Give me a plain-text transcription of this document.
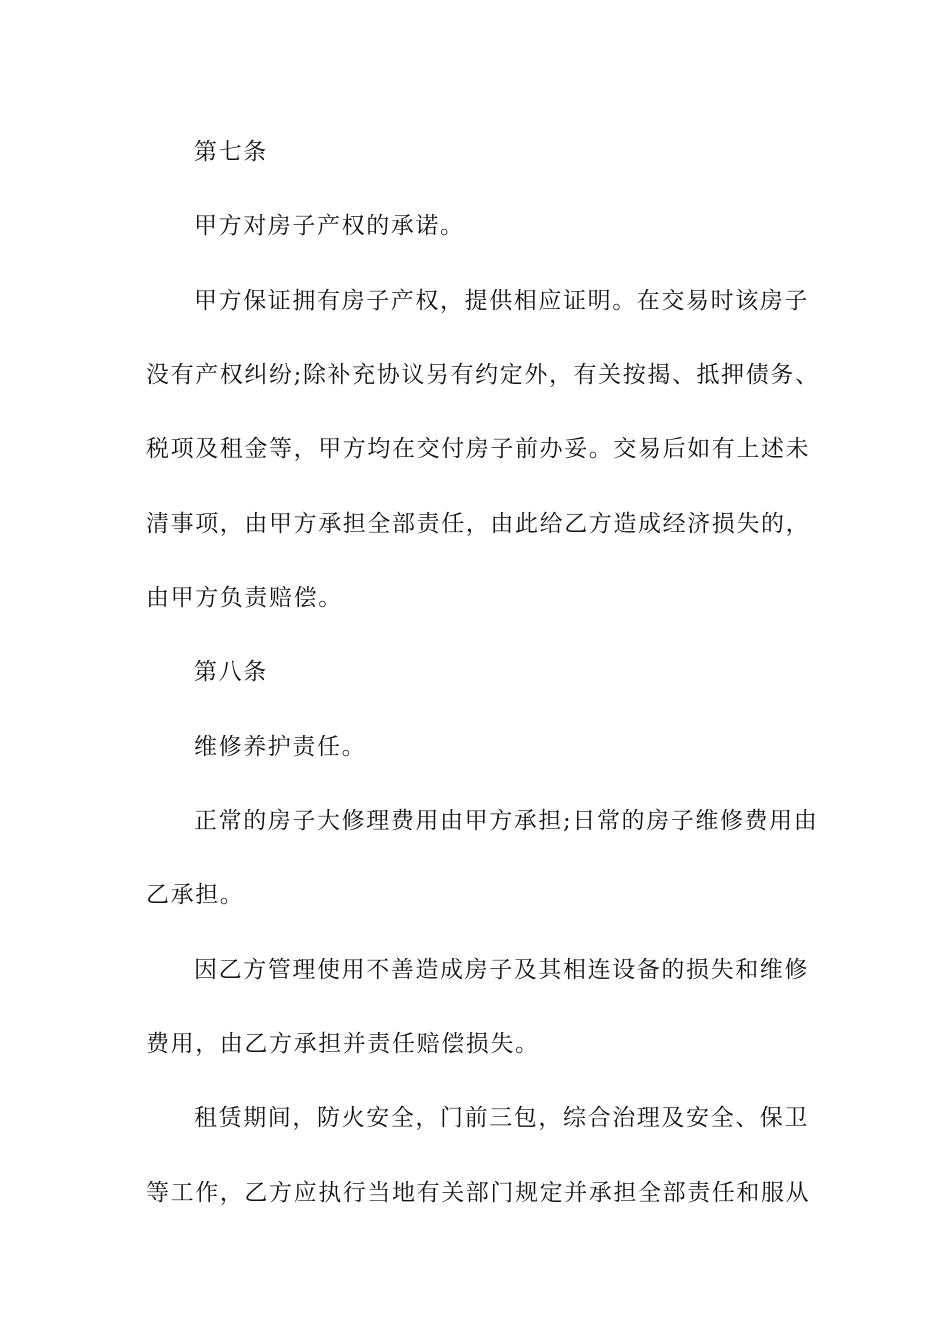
第七条
甲方对房子产权的承诺。
甲方保证拥有房子产权，提供相应证明。在交易时该房子
没有产权纠纷;除补充协议另有约定外，有关按揭、抵押债务、
税项及租金等，甲方均在交付房子前办妥。交易后如有上述未
清事项，由甲方承担全部责任，由此给乙方造成经济损失的，
由甲方负责赔偿。
第八条
维修养护责任。
正常的房子大修理费用由甲方承担;日常的房子维修费用由
乙承担。
因乙方管理使用不善造成房子及其相连设备的损失和维修
费用，由乙方承担并责任赔偿损失。
租赁期间，防火安全，门前三包，综合治理及安全、保卫
等工作，乙方应执行当地有关部门规定并承担全部责任和服从
